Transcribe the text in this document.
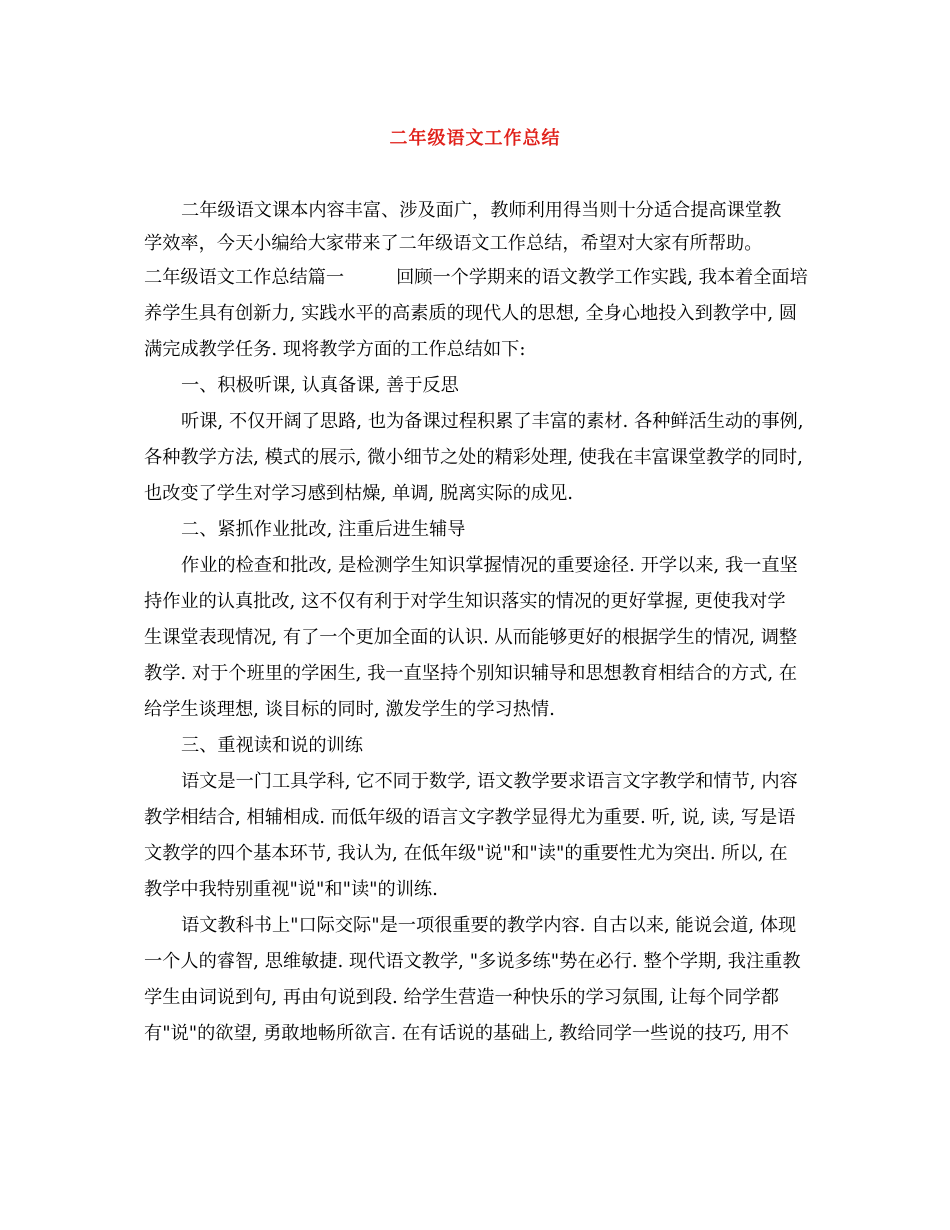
二年级语文工作总结
二年级语文课本内容丰富、涉及面广，教师利用得当则十分适合提高课堂教
学效率，今天小编给大家带来了二年级语文工作总结，希望对大家有所帮助。
二年级语文工作总结篇一	回顾一个学期来的语文教学工作实践, 我本着全面培
养学生具有创新力, 实践水平的高素质的现代人的思想, 全身心地投入到教学中, 圆
满完成教学任务. 现将教学方面的工作总结如下:
一、积极听课, 认真备课, 善于反思
听课, 不仅开阔了思路, 也为备课过程积累了丰富的素材. 各种鲜活生动的事例,
各种教学方法, 模式的展示, 微小细节之处的精彩处理, 使我在丰富课堂教学的同时,
也改变了学生对学习感到枯燥, 单调, 脱离实际的成见.
二、紧抓作业批改, 注重后进生辅导
作业的检查和批改, 是检测学生知识掌握情况的重要途径. 开学以来, 我一直坚
持作业的认真批改, 这不仅有利于对学生知识落实的情况的更好掌握, 更使我对学
生课堂表现情况, 有了一个更加全面的认识. 从而能够更好的根据学生的情况, 调整
教学. 对于个班里的学困生, 我一直坚持个别知识辅导和思想教育相结合的方式, 在
给学生谈理想, 谈目标的同时, 激发学生的学习热情.
三、重视读和说的训练
语文是一门工具学科, 它不同于数学, 语文教学要求语言文字教学和情节, 内容
教学相结合, 相辅相成. 而低年级的语言文字教学显得尤为重要. 听, 说, 读, 写是语
文教学的四个基本环节, 我认为, 在低年级"说"和"读"的重要性尤为突出. 所以, 在
教学中我特别重视"说"和"读"的训练.
语文教科书上"口际交际"是一项很重要的教学内容. 自古以来, 能说会道, 体现
一个人的睿智, 思维敏捷. 现代语文教学, "多说多练"势在必行. 整个学期, 我注重教
学生由词说到句, 再由句说到段. 给学生营造一种快乐的学习氛围, 让每个同学都
有"说"的欲望, 勇敢地畅所欲言. 在有话说的基础上, 教给同学一些说的技巧, 用不
